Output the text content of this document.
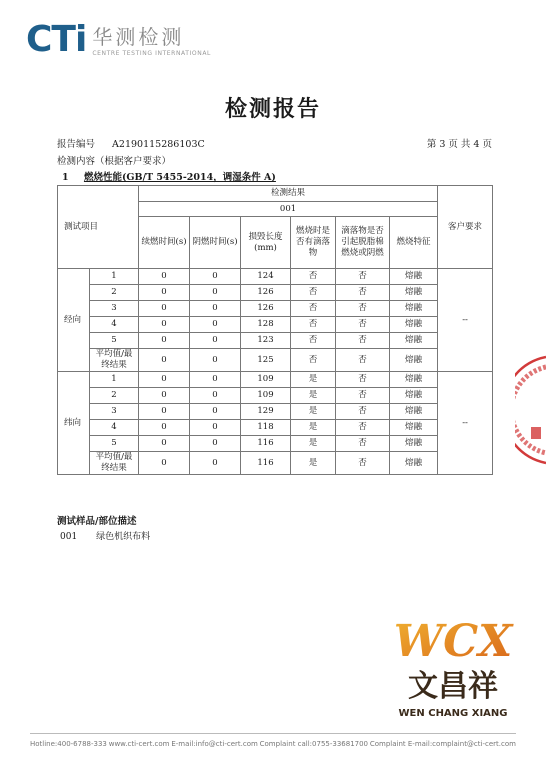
CTi 华测检测
CENTRE TESTING INTERNATIONAL
检测报告
报告编号 A2190115286103C	第 3 页 共 4 页
检测内容（根据客户要求）
1 燃烧性能(GB/T 5455-2014，调湿条件 A)
测试项目		检测结果						客户要求
		001						
		续燃时间(s)	阴燃时间(s)	损毁长度(mm)	燃烧时是否有滴落物	滴落物是否引起脱脂棉燃烧或阴燃	燃烧特征	
经向	1	0	0	124	否	否	熔融	--
	2	0	0	126	否	否	熔融	
	3	0	0	126	否	否	熔融	
	4	0	0	128	否	否	熔融	
	5	0	0	123	否	否	熔融	
	平均值/最终结果	0	0	125	否	否	熔融	
纬向	1	0	0	109	是	否	熔融	--
	2	0	0	109	是	否	熔融	
	3	0	0	129	是	否	熔融	
	4	0	0	118	是	否	熔融	
	5	0	0	116	是	否	熔融	
	平均值/最终结果	0	0	116	是	否	熔融	
测试样品/部位描述
001 绿色机织布料
WCX
文昌祥
WEN CHANG XIANG
Hotline:400-6788-333 www.cti-cert.com E-mail:info@cti-cert.com Complaint call:0755-33681700 Complaint E-mail:complaint@cti-cert.com
